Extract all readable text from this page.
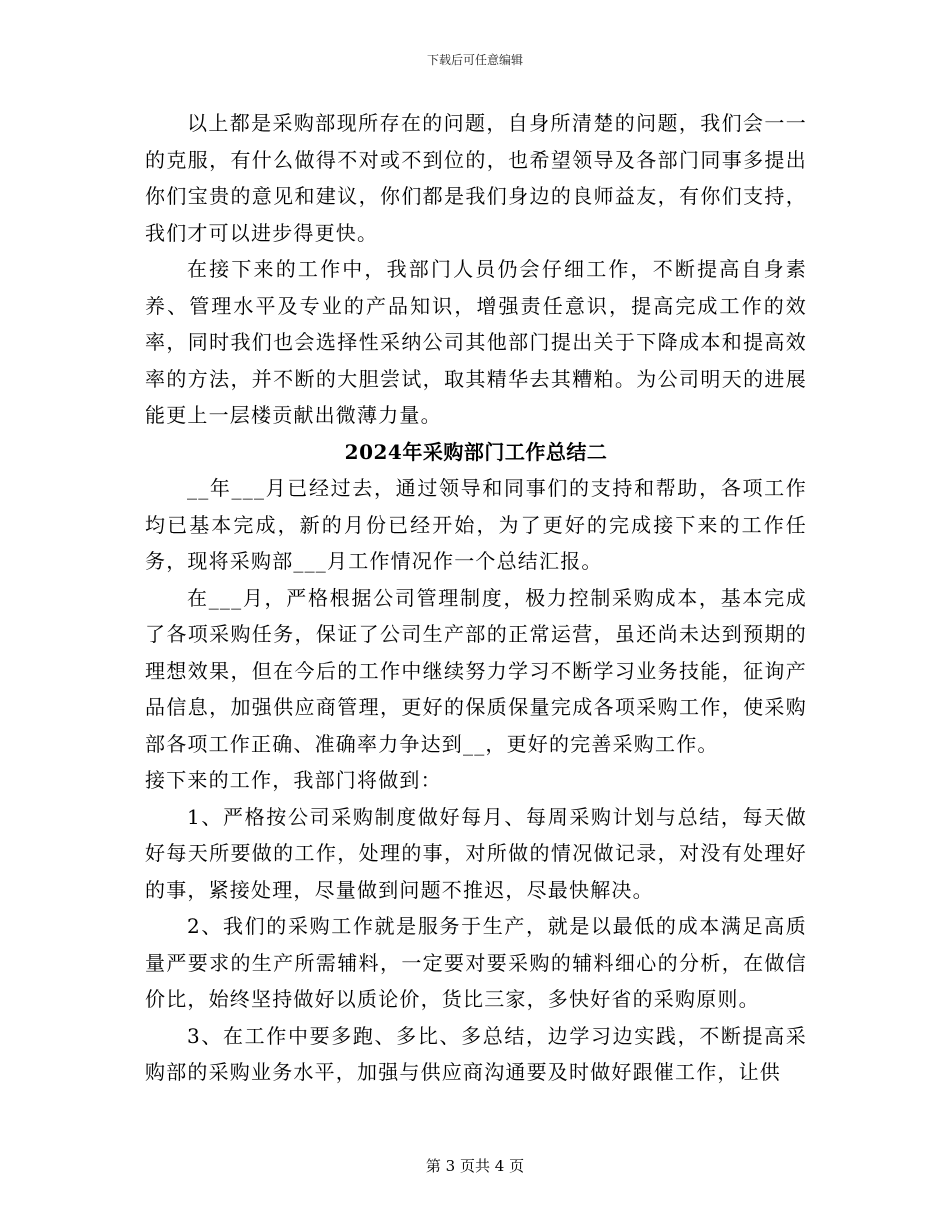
下载后可任意编辑

以上都是采购部现所存在的问题，自身所清楚的问题，我们会一一的克服，有什么做得不对或不到位的，也希望领导及各部门同事多提出你们宝贵的意见和建议，你们都是我们身边的良师益友，有你们支持，我们才可以进步得更快。

在接下来的工作中，我部门人员仍会仔细工作，不断提高自身素养、管理水平及专业的产品知识，增强责任意识，提高完成工作的效率，同时我们也会选择性采纳公司其他部门提出关于下降成本和提高效率的方法，并不断的大胆尝试，取其精华去其糟粕。为公司明天的进展能更上一层楼贡献出微薄力量。

2024年采购部门工作总结二

__年___月已经过去，通过领导和同事们的支持和帮助，各项工作均已基本完成，新的月份已经开始，为了更好的完成接下来的工作任务，现将采购部___月工作情况作一个总结汇报。

在___月，严格根据公司管理制度，极力控制采购成本，基本完成了各项采购任务，保证了公司生产部的正常运营，虽还尚未达到预期的理想效果，但在今后的工作中继续努力学习不断学习业务技能，征询产品信息，加强供应商管理，更好的保质保量完成各项采购工作，使采购部各项工作正确、准确率力争达到__，更好的完善采购工作。

接下来的工作，我部门将做到：

1、严格按公司采购制度做好每月、每周采购计划与总结，每天做好每天所要做的工作，处理的事，对所做的情况做记录，对没有处理好的事，紧接处理，尽量做到问题不推迟，尽最快解决。

2、我们的采购工作就是服务于生产，就是以最低的成本满足高质量严要求的生产所需辅料，一定要对要采购的辅料细心的分析，在做信价比，始终坚持做好以质论价，货比三家，多快好省的采购原则。

3、在工作中要多跑、多比、多总结，边学习边实践，不断提高采购部的采购业务水平，加强与供应商沟通要及时做好跟催工作，让供

第 3 页共 4 页
